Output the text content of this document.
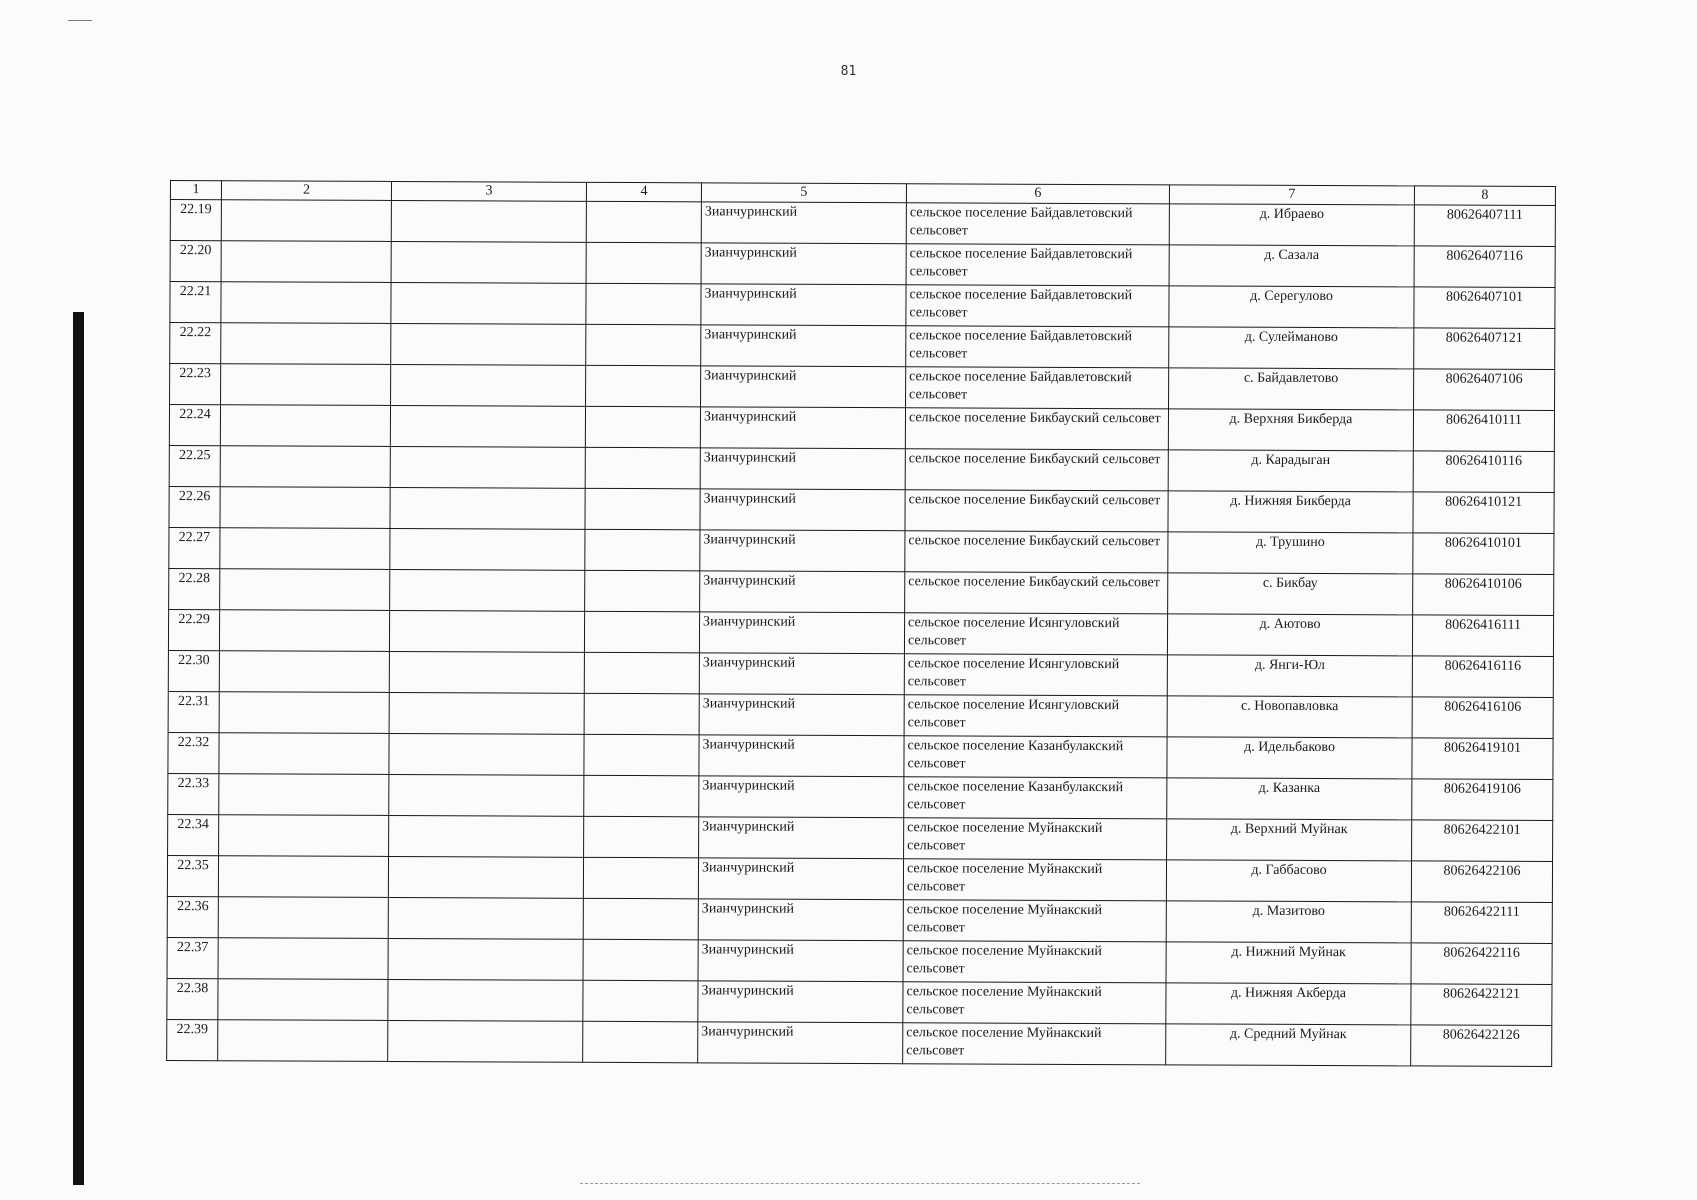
81
1	2	3	4	5	6	7	8
22.19				Зианчуринский	сельское поселение Байдавлетовский сельсовет	д. Ибраево	80626407111
22.20				Зианчуринский	сельское поселение Байдавлетовский сельсовет	д. Сазала	80626407116
22.21				Зианчуринский	сельское поселение Байдавлетовский сельсовет	д. Серегулово	80626407101
22.22				Зианчуринский	сельское поселение Байдавлетовский сельсовет	д. Сулейманово	80626407121
22.23				Зианчуринский	сельское поселение Байдавлетовский сельсовет	с. Байдавлетово	80626407106
22.24				Зианчуринский	сельское поселение Бикбауский сельсовет	д. Верхняя Бикберда	80626410111
22.25				Зианчуринский	сельское поселение Бикбауский сельсовет	д. Карадыган	80626410116
22.26				Зианчуринский	сельское поселение Бикбауский сельсовет	д. Нижняя Бикберда	80626410121
22.27				Зианчуринский	сельское поселение Бикбауский сельсовет	д. Трушино	80626410101
22.28				Зианчуринский	сельское поселение Бикбауский сельсовет	с. Бикбау	80626410106
22.29				Зианчуринский	сельское поселение Исянгуловский сельсовет	д. Аютово	80626416111
22.30				Зианчуринский	сельское поселение Исянгуловский сельсовет	д. Янги-Юл	80626416116
22.31				Зианчуринский	сельское поселение Исянгуловский сельсовет	с. Новопавловка	80626416106
22.32				Зианчуринский	сельское поселение Казанбулакский сельсовет	д. Идельбаково	80626419101
22.33				Зианчуринский	сельское поселение Казанбулакский сельсовет	д. Казанка	80626419106
22.34				Зианчуринский	сельское поселение Муйнакский сельсовет	д. Верхний Муйнак	80626422101
22.35				Зианчуринский	сельское поселение Муйнакский сельсовет	д. Габбасово	80626422106
22.36				Зианчуринский	сельское поселение Муйнакский сельсовет	д. Мазитово	80626422111
22.37				Зианчуринский	сельское поселение Муйнакский сельсовет	д. Нижний Муйнак	80626422116
22.38				Зианчуринский	сельское поселение Муйнакский сельсовет	д. Нижняя Акберда	80626422121
22.39				Зианчуринский	сельское поселение Муйнакский сельсовет	д. Средний Муйнак	80626422126
